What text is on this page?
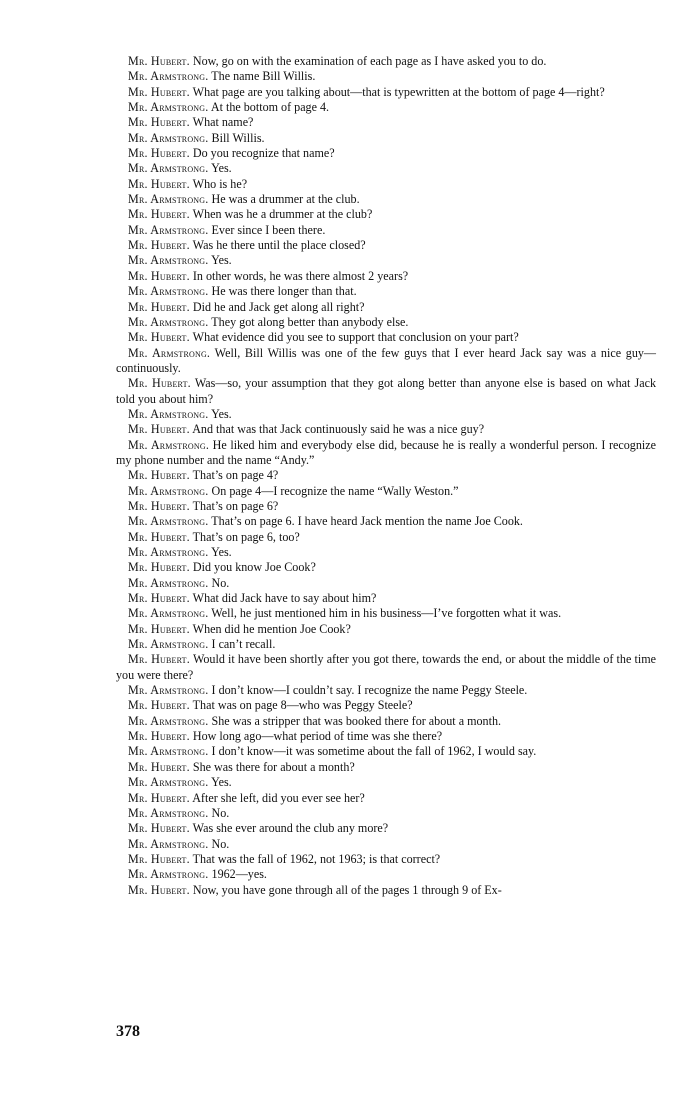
Mr. Hubert. Now, go on with the examination of each page as I have asked you to do.

Mr. Armstrong. The name Bill Willis.

Mr. Hubert. What page are you talking about—that is typewritten at the bottom of page 4—right?

Mr. Armstrong. At the bottom of page 4.

Mr. Hubert. What name?

Mr. Armstrong. Bill Willis.

Mr. Hubert. Do you recognize that name?

Mr. Armstrong. Yes.

Mr. Hubert. Who is he?

Mr. Armstrong. He was a drummer at the club.

Mr. Hubert. When was he a drummer at the club?

Mr. Armstrong. Ever since I been there.

Mr. Hubert. Was he there until the place closed?

Mr. Armstrong. Yes.

Mr. Hubert. In other words, he was there almost 2 years?

Mr. Armstrong. He was there longer than that.

Mr. Hubert. Did he and Jack get along all right?

Mr. Armstrong. They got along better than anybody else.

Mr. Hubert. What evidence did you see to support that conclusion on your part?

Mr. Armstrong. Well, Bill Willis was one of the few guys that I ever heard Jack say was a nice guy—continuously.

Mr. Hubert. Was—so, your assumption that they got along better than anyone else is based on what Jack told you about him?

Mr. Armstrong. Yes.

Mr. Hubert. And that was that Jack continuously said he was a nice guy?

Mr. Armstrong. He liked him and everybody else did, because he is really a wonderful person. I recognize my phone number and the name “Andy.”

Mr. Hubert. That’s on page 4?

Mr. Armstrong. On page 4—I recognize the name “Wally Weston.”

Mr. Hubert. That’s on page 6?

Mr. Armstrong. That’s on page 6. I have heard Jack mention the name Joe Cook.

Mr. Hubert. That’s on page 6, too?

Mr. Armstrong. Yes.

Mr. Hubert. Did you know Joe Cook?

Mr. Armstrong. No.

Mr. Hubert. What did Jack have to say about him?

Mr. Armstrong. Well, he just mentioned him in his business—I’ve forgotten what it was.

Mr. Hubert. When did he mention Joe Cook?

Mr. Armstrong. I can’t recall.

Mr. Hubert. Would it have been shortly after you got there, towards the end, or about the middle of the time you were there?

Mr. Armstrong. I don’t know—I couldn’t say. I recognize the name Peggy Steele.

Mr. Hubert. That was on page 8—who was Peggy Steele?

Mr. Armstrong. She was a stripper that was booked there for about a month.

Mr. Hubert. How long ago—what period of time was she there?

Mr. Armstrong. I don’t know—it was sometime about the fall of 1962, I would say.

Mr. Hubert. She was there for about a month?

Mr. Armstrong. Yes.

Mr. Hubert. After she left, did you ever see her?

Mr. Armstrong. No.

Mr. Hubert. Was she ever around the club any more?

Mr. Armstrong. No.

Mr. Hubert. That was the fall of 1962, not 1963; is that correct?

Mr. Armstrong. 1962—yes.

Mr. Hubert. Now, you have gone through all of the pages 1 through 9 of Ex-

378
